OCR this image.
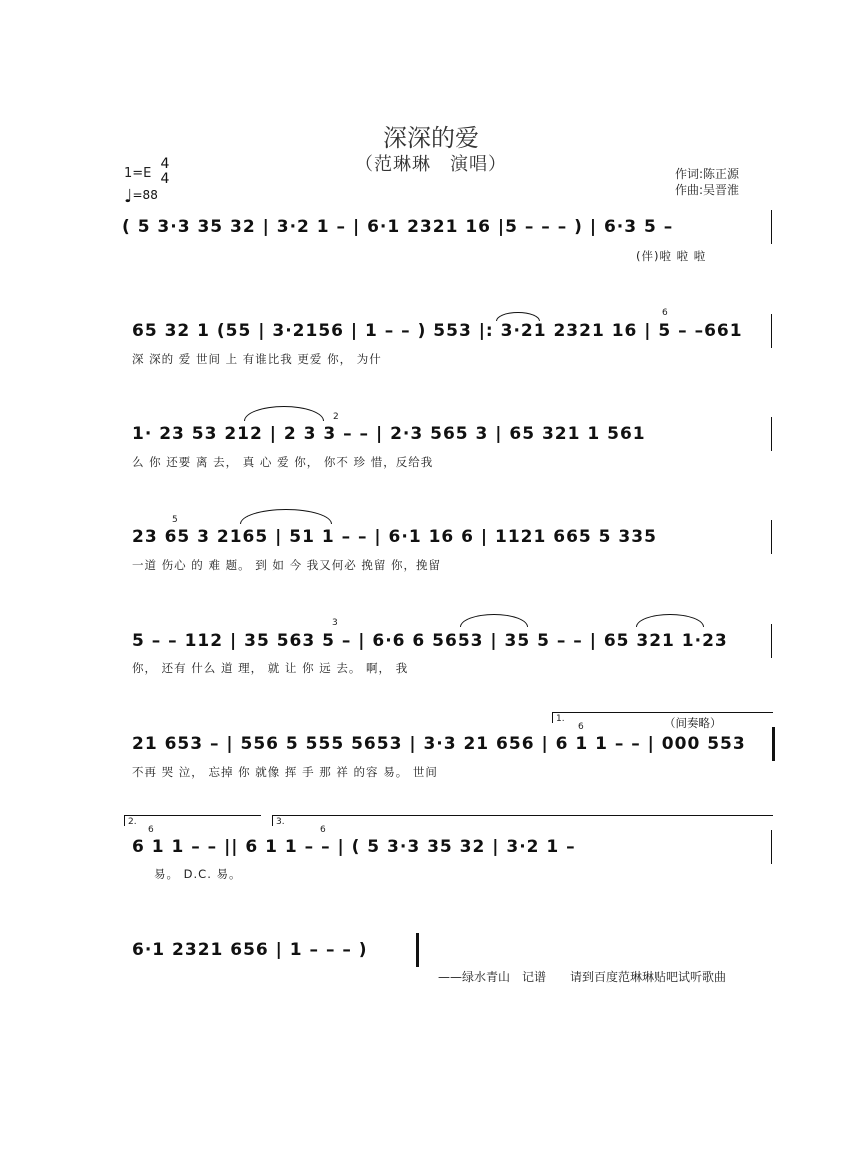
深深的爱
（范琳琳　演唱）
1=E
4
4
♩=88
作词:陈正源
作曲:吴晋淮
( 5 3·3 35 32 | 3·2 1 – | 6·1 2321 16 |5 – – – ) | 6·3 5 –
(伴)啦 啦 啦
65 32 1 (55 | 3·2156 | 1 – – ) 553 |: 3·21 2321 16 | 5 – –661
深 深的 爱 世间 上 有谁比我 更爱 你， 为什
6
1· 23 53 212 | 2 3 3 – – | 2·3 565 3 | 65 321 1 561
么 你 还要 离 去， 真 心 爱 你， 你不 珍 惜，反给我
2
23 65 3 2165 | 51 1 – – | 6·1 16 6 | 1121 665 5 335
一道 伤心 的 难 题。 到 如 今 我又何必 挽留 你，挽留
5
5 – – 112 | 35 563 5 – | 6·6 6 5653 | 35 5 – – | 65 321 1·23
你， 还有 什么 道 理， 就 让 你 远 去。 啊， 我
3
1.	（间奏略）
21 653 – | 556 5 555 5653 | 3·3 21 656 | 6 1 1 – – | 000 553
不再 哭 泣， 忘掉 你 就像 挥 手 那 祥 的容 易。 世间
6
2.	3.
6 1 1 – – || 6 1 1 – – | ( 5 3·3 35 32 | 3·2 1 –
易。 D.C. 易。
6	6
6·1 2321 656 | 1 – – – )
——绿水青山　记谱　　请到百度范琳琳贴吧试听歌曲
